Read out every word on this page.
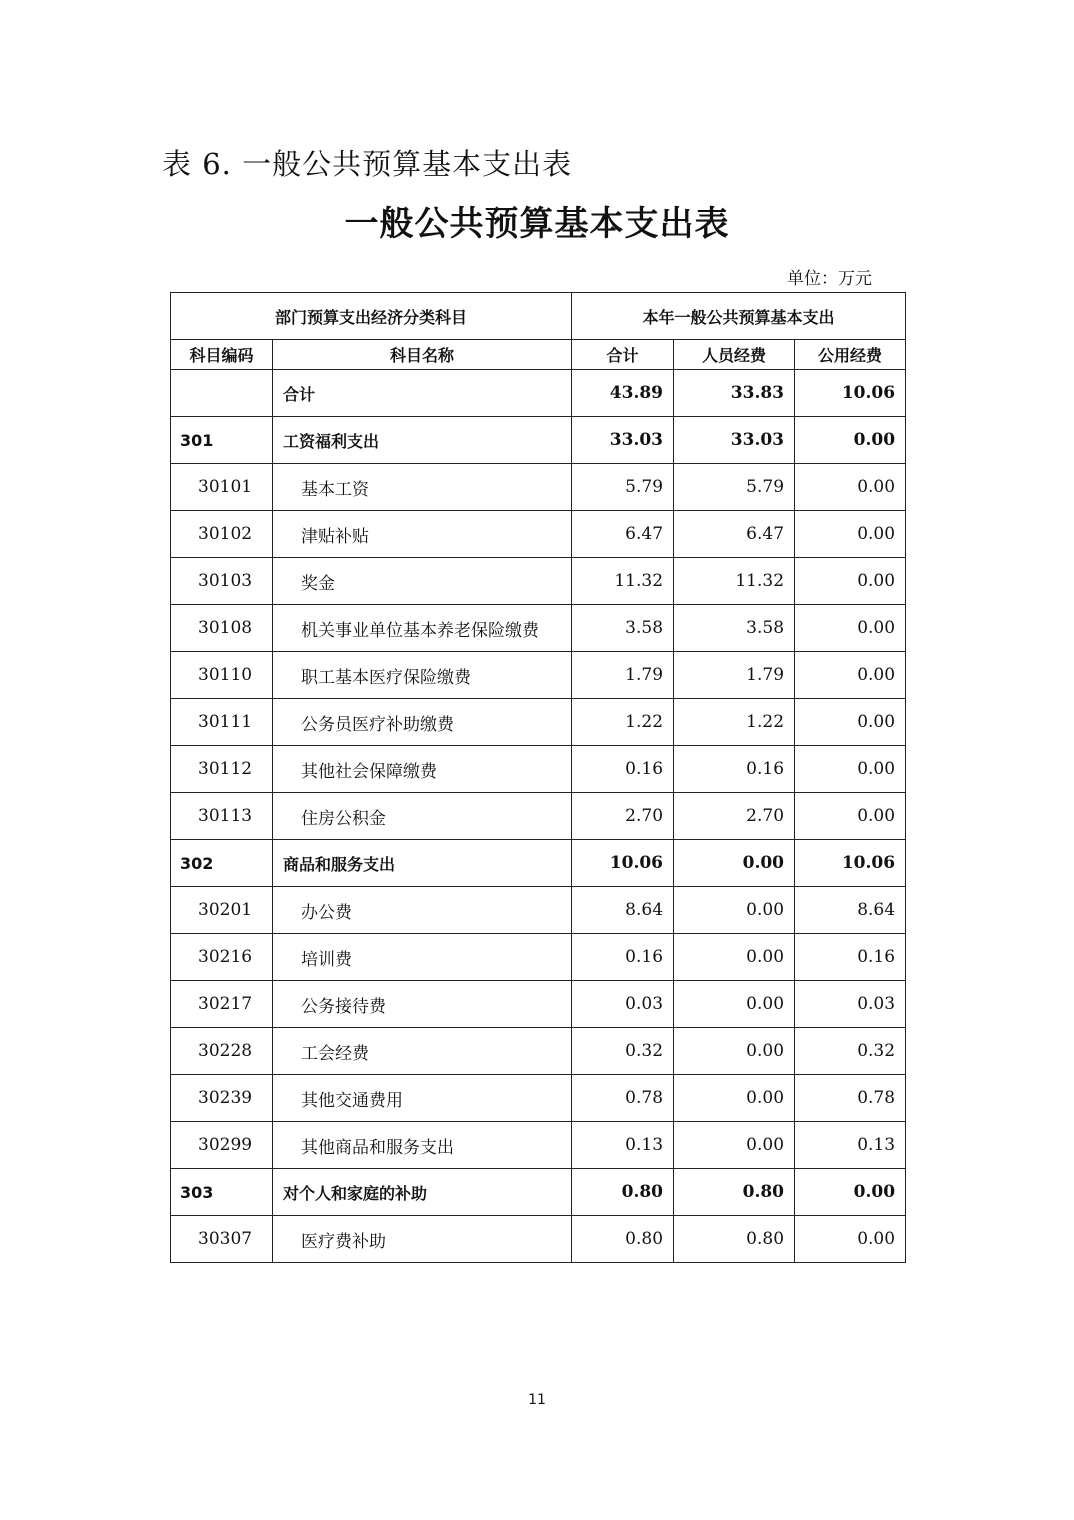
表 6. 一般公共预算基本支出表
一般公共预算基本支出表
单位：万元
部门预算支出经济分类科目		本年一般公共预算基本支出		
科目编码	科目名称	合计	人员经费	公用经费
	合计	43.89	33.83	10.06
301	工资福利支出	33.03	33.03	0.00
30101	基本工资	5.79	5.79	0.00
30102	津贴补贴	6.47	6.47	0.00
30103	奖金	11.32	11.32	0.00
30108	机关事业单位基本养老保险缴费	3.58	3.58	0.00
30110	职工基本医疗保险缴费	1.79	1.79	0.00
30111	公务员医疗补助缴费	1.22	1.22	0.00
30112	其他社会保障缴费	0.16	0.16	0.00
30113	住房公积金	2.70	2.70	0.00
302	商品和服务支出	10.06	0.00	10.06
30201	办公费	8.64	0.00	8.64
30216	培训费	0.16	0.00	0.16
30217	公务接待费	0.03	0.00	0.03
30228	工会经费	0.32	0.00	0.32
30239	其他交通费用	0.78	0.00	0.78
30299	其他商品和服务支出	0.13	0.00	0.13
303	对个人和家庭的补助	0.80	0.80	0.00
30307	医疗费补助	0.80	0.80	0.00
11
